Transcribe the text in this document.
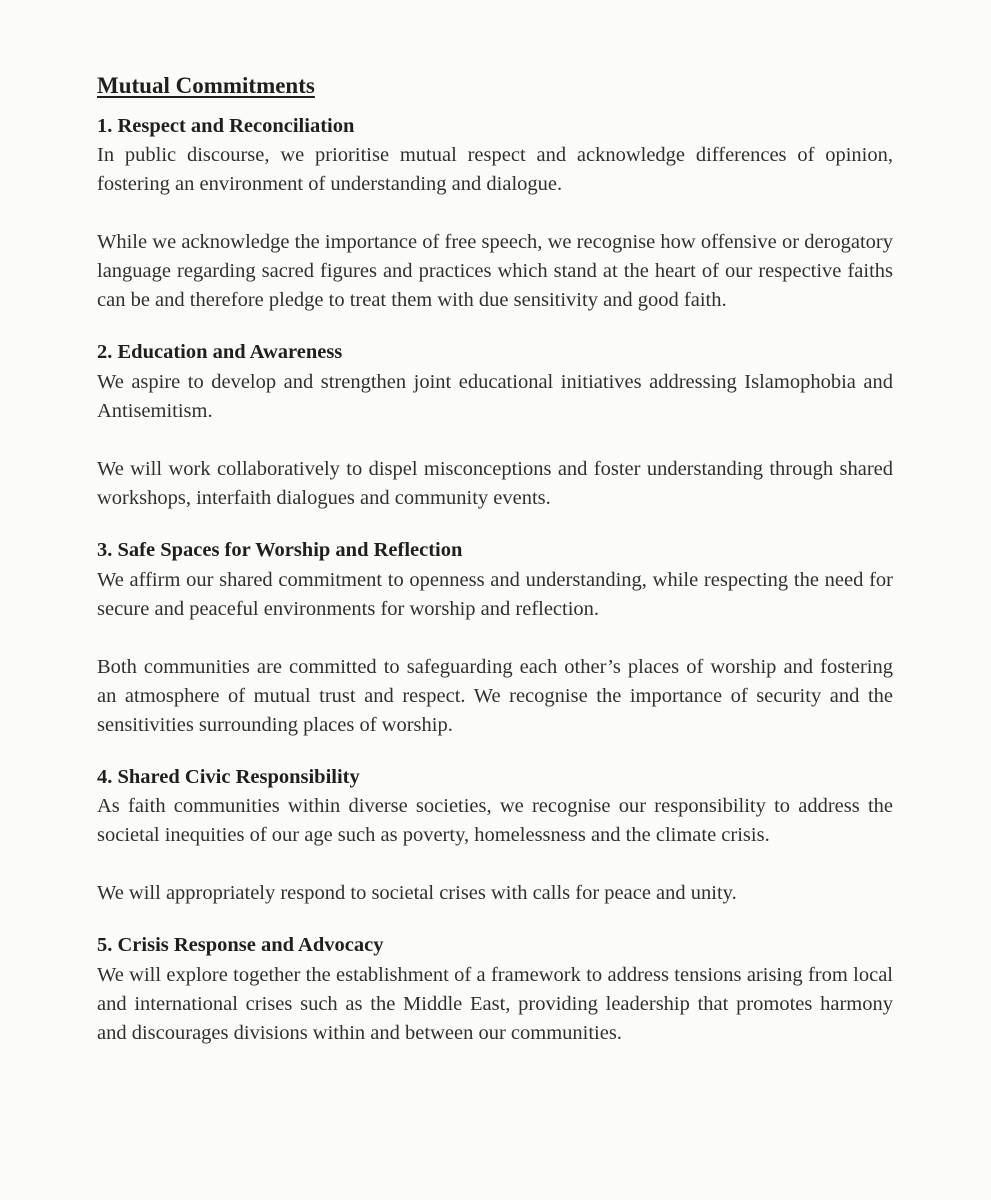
Mutual Commitments
1. Respect and Reconciliation

In public discourse, we prioritise mutual respect and acknowledge differences of opinion, fostering an environment of understanding and dialogue.

While we acknowledge the importance of free speech, we recognise how offensive or derogatory language regarding sacred figures and practices which stand at the heart of our respective faiths can be and therefore pledge to treat them with due sensitivity and good faith.

2. Education and Awareness

We aspire to develop and strengthen joint educational initiatives addressing Islamophobia and Antisemitism.

We will work collaboratively to dispel misconceptions and foster understanding through shared workshops, interfaith dialogues and community events.

3. Safe Spaces for Worship and Reflection

We affirm our shared commitment to openness and understanding, while respecting the need for secure and peaceful environments for worship and reflection.

Both communities are committed to safeguarding each other’s places of worship and fostering an atmosphere of mutual trust and respect. We recognise the importance of security and the sensitivities surrounding places of worship.

4. Shared Civic Responsibility

As faith communities within diverse societies, we recognise our responsibility to address the societal inequities of our age such as poverty, homelessness and the climate crisis.

We will appropriately respond to societal crises with calls for peace and unity.

5. Crisis Response and Advocacy

We will explore together the establishment of a framework to address tensions arising from local and international crises such as the Middle East, providing leadership that promotes harmony and discourages divisions within and between our communities.
